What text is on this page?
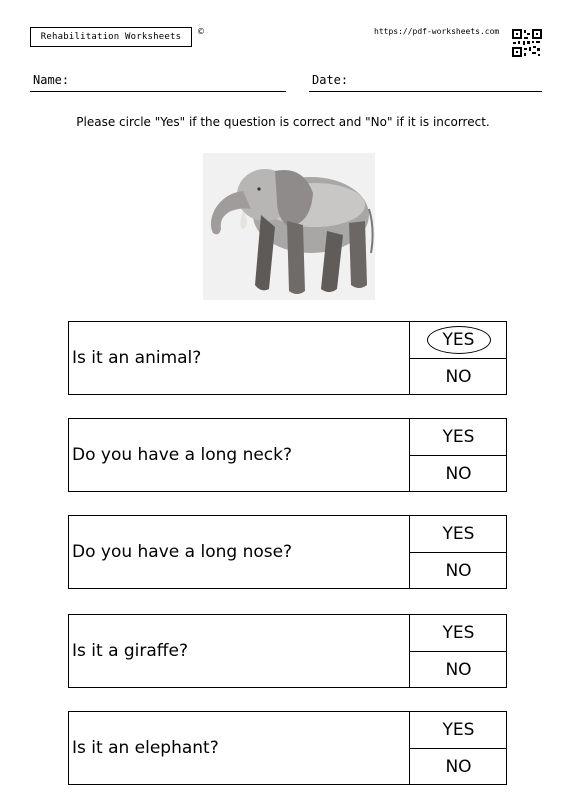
Rehabilitation Worksheets
©	https://pdf-worksheets.com
Name:	Date:
Please circle "Yes" if the question is correct and "No" if it is incorrect.
Is it an animal?
YES
NO
Do you have a long neck?
YES
NO
Do you have a long nose?
YES
NO
Is it a giraffe?
YES
NO
Is it an elephant?
YES
NO
